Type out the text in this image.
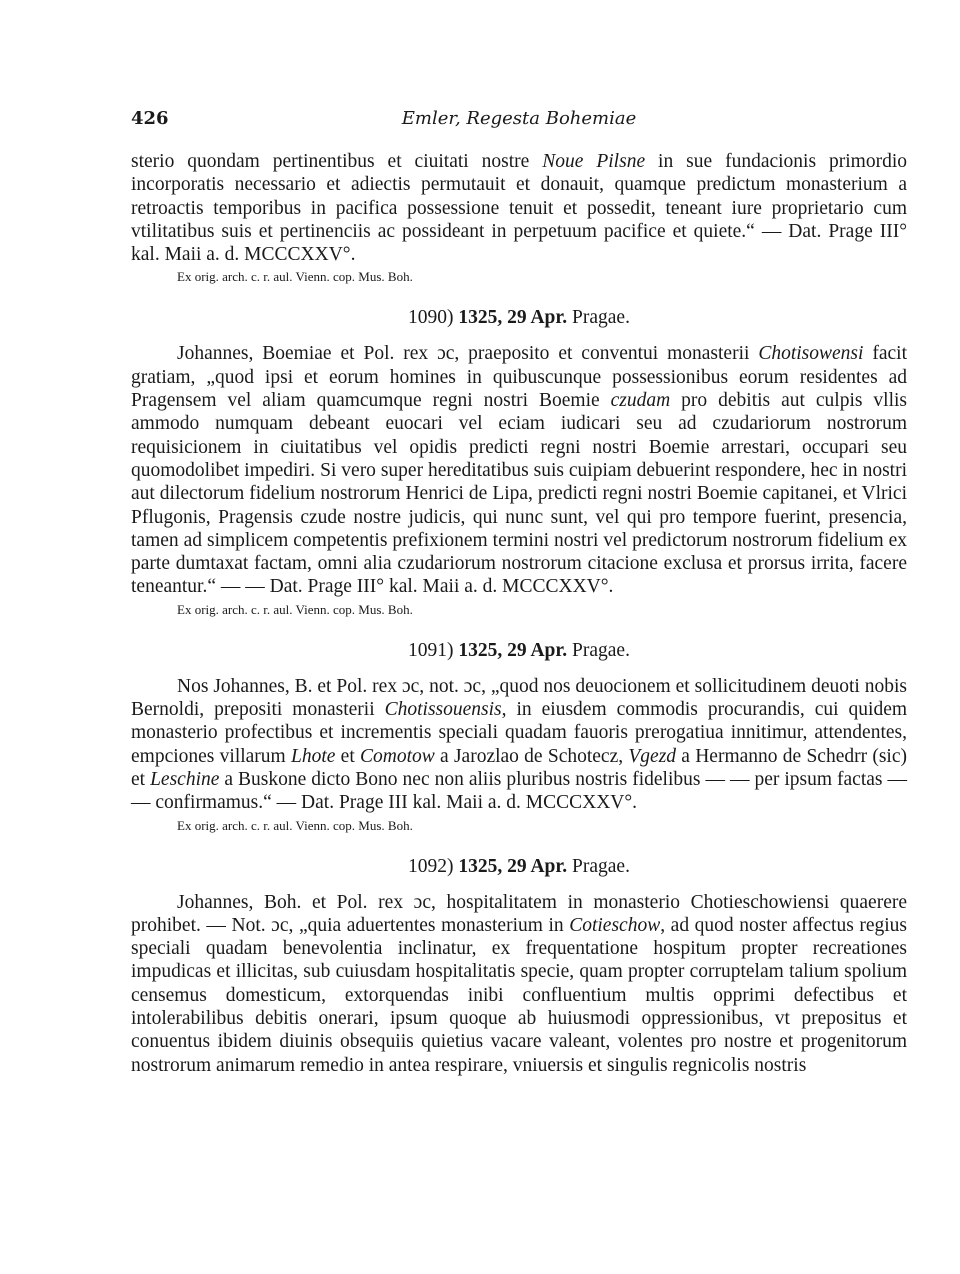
426	Emler, Regesta Bohemiae

sterio quondam pertinentibus et ciuitati nostre Noue Pilsne in sue fundacionis primordio incorporatis necessario et adiectis permutauit et donauit, quamque predictum monasterium a retroactis temporibus in pacifica possessione tenuit et possedit, teneant iure proprietario cum vtilitatibus suis et pertinenciis ac possideant in perpetuum pacifice et quiete.“ — Dat. Prage III° kal. Maii a. d. MCCCXXV°.

Ex orig. arch. c. r. aul. Vienn. cop. Mus. Boh.

1090) 1325, 29 Apr. Pragae.

Johannes, Boemiae et Pol. rex ɔc, praeposito et conventui monasterii Chotisowensi facit gratiam, „quod ipsi et eorum homines in quibuscunque possessionibus eorum residentes ad Pragensem vel aliam quamcumque regni nostri Boemie czudam pro debitis aut culpis vllis ammodo numquam debeant euocari vel eciam iudicari seu ad czudariorum nostrorum requisicionem in ciuitatibus vel opidis predicti regni nostri Boemie arrestari, occupari seu quomodolibet impediri. Si vero super hereditatibus suis cuipiam debuerint respondere, hec in nostri aut dilectorum fidelium nostrorum Henrici de Lipa, predicti regni nostri Boemie capitanei, et Vlrici Pflugonis, Pragensis czude nostre judicis, qui nunc sunt, vel qui pro tempore fuerint, presencia, tamen ad simplicem competentis prefixionem termini nostri vel predictorum nostrorum fidelium ex parte dumtaxat factam, omni alia czudariorum nostrorum citacione exclusa et prorsus irrita, facere teneantur.“ — — Dat. Prage III° kal. Maii a. d. MCCCXXV°.

Ex orig. arch. c. r. aul. Vienn. cop. Mus. Boh.

1091) 1325, 29 Apr. Pragae.

Nos Johannes, B. et Pol. rex ɔc, not. ɔc, „quod nos deuocionem et sollicitudinem deuoti nobis Bernoldi, prepositi monasterii Chotissouensis, in eiusdem commodis procurandis, cui quidem monasterio profectibus et incrementis speciali quadam fauoris prerogatiua innitimur, attendentes, empciones villarum Lhote et Comotow a Jarozlao de Schotecz, Vgezd a Hermanno de Schedrr (sic) et Leschine a Buskone dicto Bono nec non aliis pluribus nostris fidelibus — — per ipsum factas — — confirmamus.“ — Dat. Prage III kal. Maii a. d. MCCCXXV°.

Ex orig. arch. c. r. aul. Vienn. cop. Mus. Boh.

1092) 1325, 29 Apr. Pragae.

Johannes, Boh. et Pol. rex ɔc, hospitalitatem in monasterio Chotieschowiensi quaerere prohibet. — Not. ɔc, „quia aduertentes monasterium in Cotieschow, ad quod noster affectus regius speciali quadam benevolentia inclinatur, ex frequentatione hospitum propter recreationes impudicas et illicitas, sub cuiusdam hospitalitatis specie, quam propter corruptelam talium spolium censemus domesticum, extorquendas inibi confluentium multis opprimi defectibus et intolerabilibus debitis onerari, ipsum quoque ab huiusmodi oppressionibus, vt prepositus et conuentus ibidem diuinis obsequiis quietius vacare valeant, volentes pro nostre et progenitorum nostrorum animarum remedio in antea respirare, vniuersis et singulis regnicolis nostris
